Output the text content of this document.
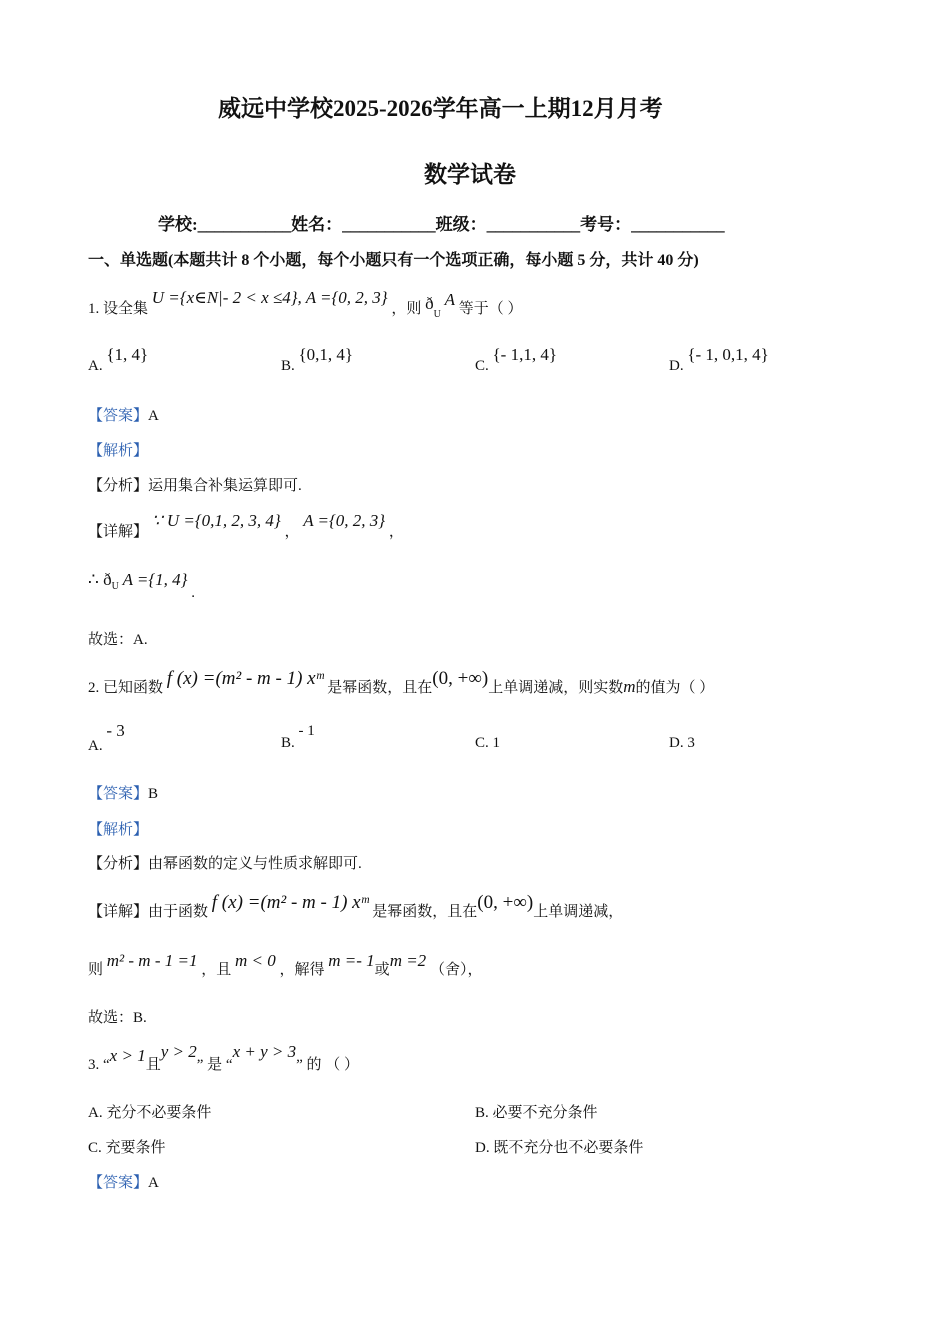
威远中学校2025-2026学年高一上期12月月考
数学试卷
学校:___________姓名：___________班级：___________考号：___________
一、单选题(本题共计 8 个小题，每个小题只有一个选项正确，每小题 5 分，共计 40 分)
1. 设全集 U ={x∈N|- 2 < x ≤4}, A ={0, 2, 3} ，则 $ð_U$ A 等于（ ）
A. {1, 4}
B. {0,1, 4}
C. {- 1,1, 4}
D. {- 1, 0,1, 4}
【答案】A
【解析】
【分析】运用集合补集运算即可.
【详解】 ∵ U ={0,1, 2, 3, 4} ， A ={0, 2, 3} ，
∴ $ð_U$ A ={1, 4} .
故选：A.
2. 已知函数 f (x) =(m² - m - 1) xᵐ 是幂函数，且在(0, +∞)上单调递减，则实数m的值为（ ）
A. - 3
B. - 1
C. 1	D. 3
【答案】B
【解析】
【分析】由幂函数的定义与性质求解即可.
【详解】由于函数 f (x) =(m² - m - 1) xᵐ 是幂函数，且在(0, +∞)上单调递减，
则 m² - m - 1 =1 ，且 m < 0 ，解得 m =- 1或m =2 （舍），
故选：B.
3. “x > 1且y > 2” 是 “x + y > 3” 的 （ ）
A. 充分不必要条件	B. 必要不充分条件
C. 充要条件	D. 既不充分也不必要条件
【答案】A
